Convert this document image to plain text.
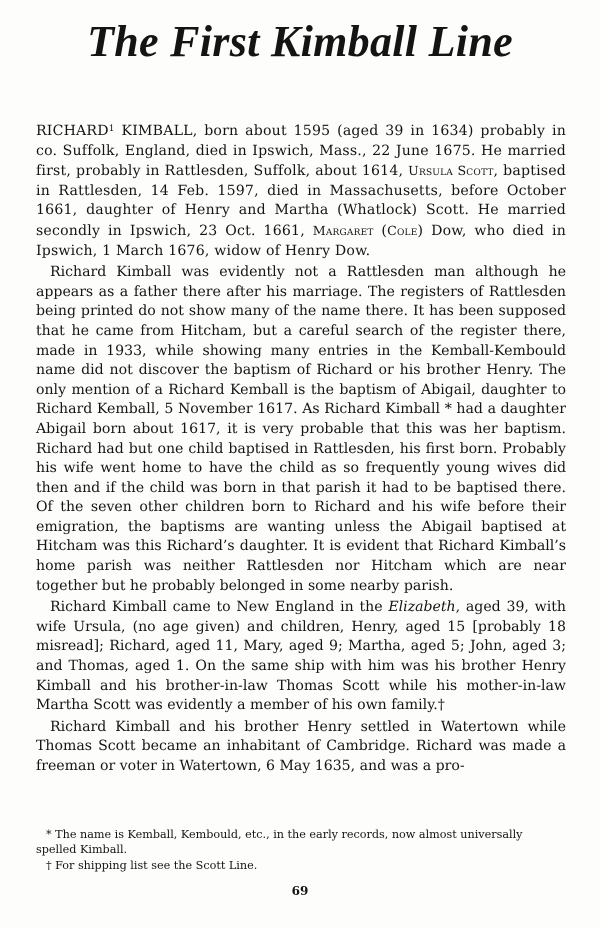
The First Kimball Line

RICHARD$^1$ KIMBALL, born about 1595 (aged 39 in 1634) probably in co. Suffolk, England, died in Ipswich, Mass., 22 June 1675. He married first, probably in Rattlesden, Suffolk, about 1614, Ursula Scott, baptised in Rattlesden, 14 Feb. 1597, died in Massachusetts, before October 1661, daughter of Henry and Martha (Whatlock) Scott. He married secondly in Ipswich, 23 Oct. 1661, Margaret (Cole) Dow, who died in Ipswich, 1 March 1676, widow of Henry Dow.

Richard Kimball was evidently not a Rattlesden man although he appears as a father there after his marriage. The registers of Rattlesden being printed do not show many of the name there. It has been supposed that he came from Hitcham, but a careful search of the register there, made in 1933, while showing many entries in the Kemball-Kembould name did not discover the baptism of Richard or his brother Henry. The only mention of a Richard Kemball is the baptism of Abigail, daughter to Richard Kemball, 5 November 1617. As Richard Kimball * had a daughter Abigail born about 1617, it is very probable that this was her baptism. Richard had but one child baptised in Rattlesden, his first born. Probably his wife went home to have the child as so frequently young wives did then and if the child was born in that parish it had to be baptised there. Of the seven other children born to Richard and his wife before their emigration, the baptisms are wanting unless the Abigail baptised at Hitcham was this Richard’s daughter. It is evident that Richard Kimball’s home parish was neither Rattlesden nor Hitcham which are near together but he probably belonged in some nearby parish.

Richard Kimball came to New England in the Elizabeth, aged 39, with wife Ursula, (no age given) and children, Henry, aged 15 [probably 18 misread]; Richard, aged 11, Mary, aged 9; Martha, aged 5; John, aged 3; and Thomas, aged 1. On the same ship with him was his brother Henry Kimball and his brother-in-law Thomas Scott while his mother-in-law Martha Scott was evidently a member of his own family.†

Richard Kimball and his brother Henry settled in Watertown while Thomas Scott became an inhabitant of Cambridge. Richard was made a freeman or voter in Watertown, 6 May 1635, and was a pro-

* The name is Kemball, Kembould, etc., in the early records, now almost universally spelled Kimball.

† For shipping list see the Scott Line.

69
